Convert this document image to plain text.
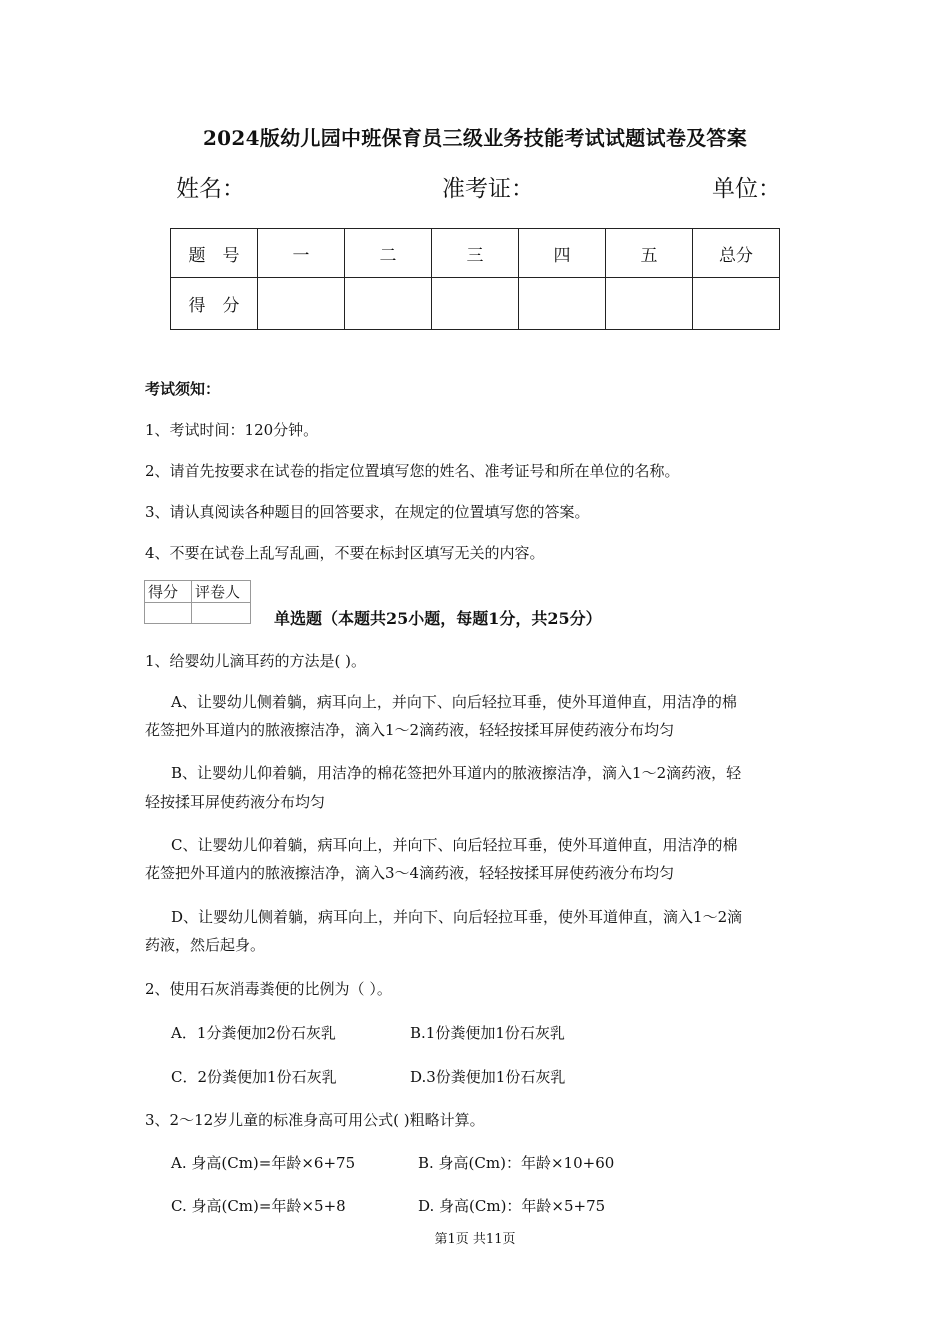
2024版幼儿园中班保育员三级业务技能考试试题试卷及答案
姓名：	准考证：	单位：
题　号	一	二	三	四	五	总分
得　分						
考试须知：
1、考试时间：120分钟。
2、请首先按要求在试卷的指定位置填写您的姓名、准考证号和所在单位的名称。
3、请认真阅读各种题目的回答要求，在规定的位置填写您的答案。
4、不要在试卷上乱写乱画，不要在标封区填写无关的内容。
得分	评卷人

单选题（本题共25小题，每题1分，共25分）
1、给婴幼儿滴耳药的方法是( )。
A、让婴幼儿侧着躺，病耳向上，并向下、向后轻拉耳垂，使外耳道伸直，用洁净的棉
花签把外耳道内的脓液擦洁净，滴入1～2滴药液，轻轻按揉耳屏使药液分布均匀
B、让婴幼儿仰着躺，用洁净的棉花签把外耳道内的脓液擦洁净，滴入1～2滴药液，轻
轻按揉耳屏使药液分布均匀
C、让婴幼儿仰着躺，病耳向上，并向下、向后轻拉耳垂，使外耳道伸直，用洁净的棉
花签把外耳道内的脓液擦洁净，滴入3～4滴药液，轻轻按揉耳屏使药液分布均匀
D、让婴幼儿侧着躺，病耳向上，并向下、向后轻拉耳垂，使外耳道伸直，滴入1～2滴
药液，然后起身。
2、使用石灰消毒粪便的比例为（ ）。
A．1分粪便加2份石灰乳	B.1份粪便加1份石灰乳
C．2份粪便加1份石灰乳	D.3份粪便加1份石灰乳
3、2～12岁儿童的标准身高可用公式( )粗略计算。
A. 身高(Cm)=年龄×6+75	B. 身高(Cm)：年龄×10+60
C. 身高(Cm)=年龄×5+8	D. 身高(Cm)：年龄×5+75
第1页 共11页
